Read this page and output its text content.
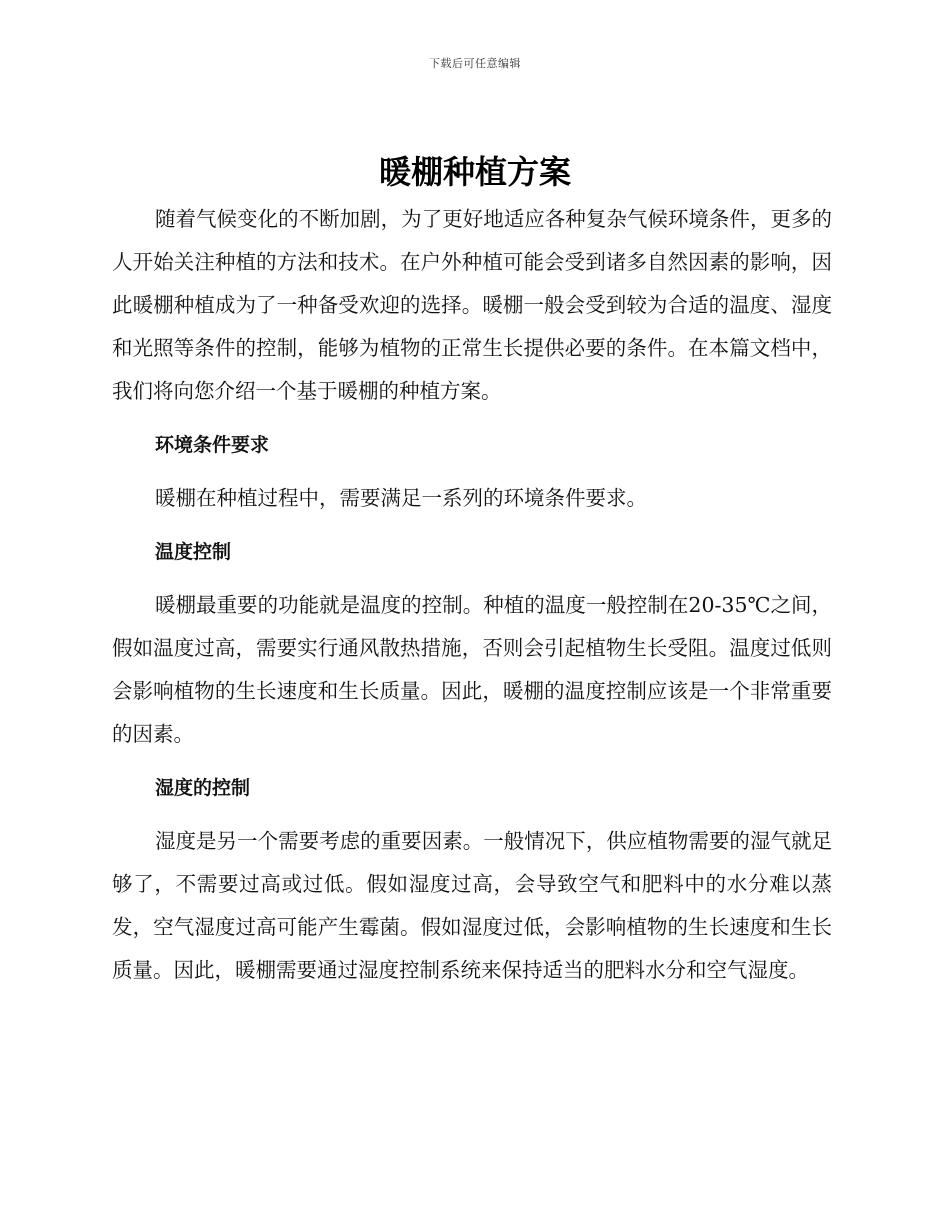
下载后可任意编辑
暖棚种植方案

随着气候变化的不断加剧，为了更好地适应各种复杂气候环境条件，更多的人开始关注种植的方法和技术。在户外种植可能会受到诸多自然因素的影响，因此暖棚种植成为了一种备受欢迎的选择。暖棚一般会受到较为合适的温度、湿度和光照等条件的控制，能够为植物的正常生长提供必要的条件。在本篇文档中，我们将向您介绍一个基于暖棚的种植方案。

环境条件要求

暖棚在种植过程中，需要满足一系列的环境条件要求。

温度控制

暖棚最重要的功能就是温度的控制。种植的温度一般控制在20-35℃之间，假如温度过高，需要实行通风散热措施，否则会引起植物生长受阻。温度过低则会影响植物的生长速度和生长质量。因此，暖棚的温度控制应该是一个非常重要的因素。

湿度的控制

湿度是另一个需要考虑的重要因素。一般情况下，供应植物需要的湿气就足够了，不需要过高或过低。假如湿度过高，会导致空气和肥料中的水分难以蒸发，空气湿度过高可能产生霉菌。假如湿度过低，会影响植物的生长速度和生长质量。因此，暖棚需要通过湿度控制系统来保持适当的肥料水分和空气湿度。
